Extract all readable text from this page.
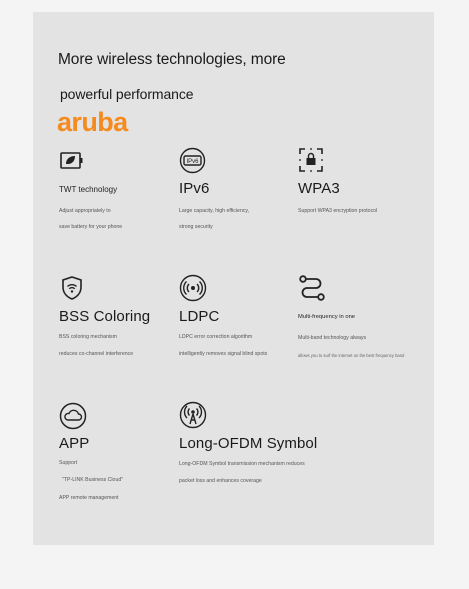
More wireless technologies, more
powerful performance
aruba
TWT technology
Adjust appropriately to
save battery for your phone
IPv6
IPv6
Large capacity, high efficiency,
strong security
WPA3
Support WPA3 encryption protocol
BSS Coloring
BSS coloring mechanism
reduces co-channel interference
LDPC
LDPC error correction algorithm
intelligently removes signal blind spots
Multi-frequency in one
Multi-band technology always
allows you to surf the internet on the best frequency band
APP
Support
"TP-LINK Business Cloud"
APP remote management
Long-OFDM Symbol
Long-OFDM Symbol transmission mechanism reduces
packet loss and enhances coverage
